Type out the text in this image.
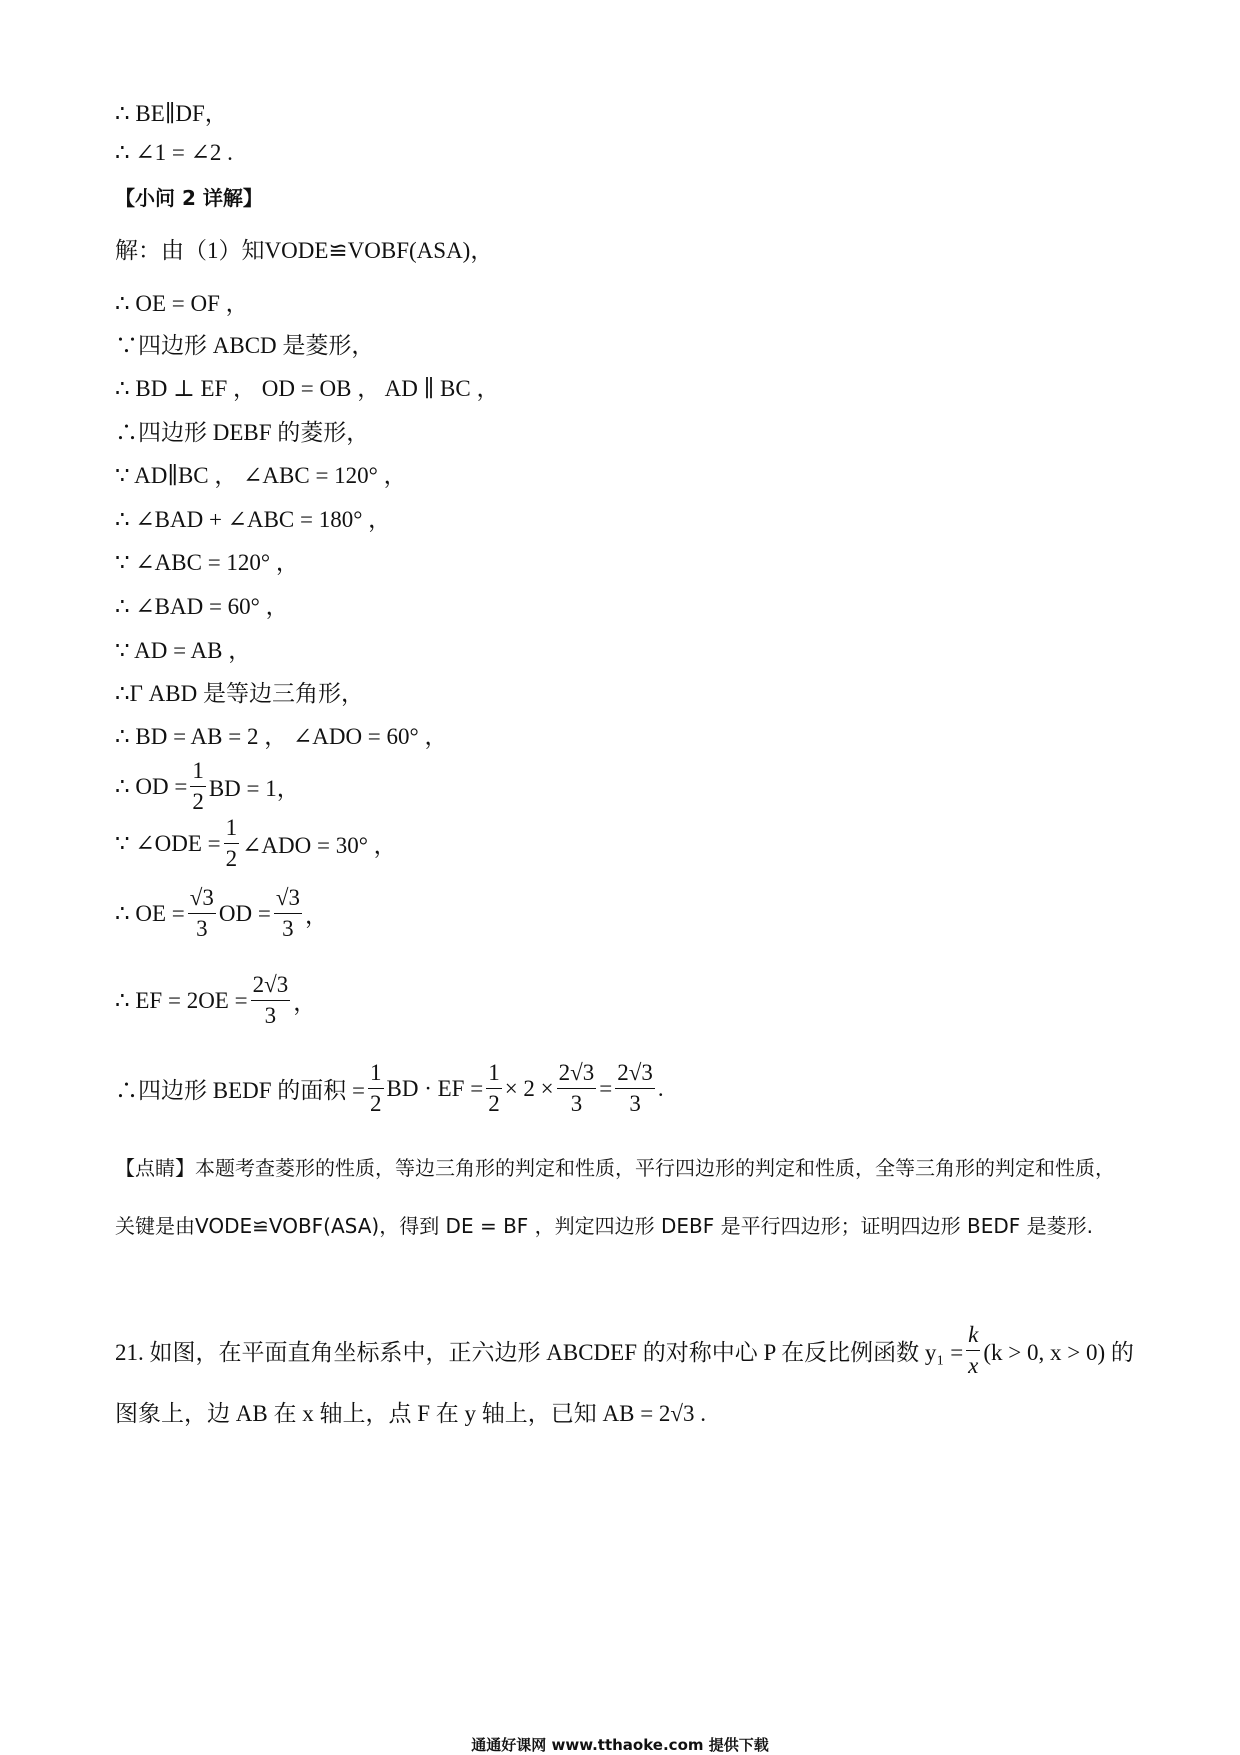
∴ BE∥DF，
∴ ∠1 = ∠2 .
【小问 2 详解】
解：由（1）知VODE≌VOBF(ASA)，
∴ OE = OF ，
∵四边形 ABCD 是菱形，
∴ BD ⊥ EF ， OD = OB ， AD ∥ BC ，
∴四边形 DEBF 的菱形，
∵ AD∥BC ， ∠ABC = 120° ，
∴ ∠BAD + ∠ABC = 180° ，
∵ ∠ABC = 120° ，
∴ ∠BAD = 60° ，
∵ AD = AB ，
∴Γ ABD 是等边三角形，
∴ BD = AB = 2 ， ∠ADO = 60° ，
∴ OD = $\frac{1}{2}$ BD = 1，
∵ ∠ODE = $\frac{1}{2}$ ∠ADO = 30° ，
∴ OE = $\frac{√3}{3}$ OD = $\frac{√3}{3}$ ，
∴ EF = $2OE = \frac{2√3}{3}$ ，
∴四边形 BEDF 的面积 = $\frac{1}{2}$ BD · EF = $\frac{1}{2} \times 2 \times \frac{2√3}{3} = \frac{2√3}{3}$ .
【点睛】本题考查菱形的性质，等边三角形的判定和性质，平行四边形的判定和性质，全等三角形的判定和性质，关键是由VODE≌VOBF(ASA)，得到 DE = BF ，判定四边形 DEBF 是平行四边形；证明四边形 BEDF 是菱形.
21. 如图，在平面直角坐标系中，正六边形 ABCDEF 的对称中心 P 在反比例函数 $y_1 = \frac{k}{x} (k > 0$, x > 0) 的
图象上，边 AB 在 x 轴上，点 F 在 y 轴上，已知 AB = 2√3 .
通通好课网 www.tthaoke.com 提供下载
